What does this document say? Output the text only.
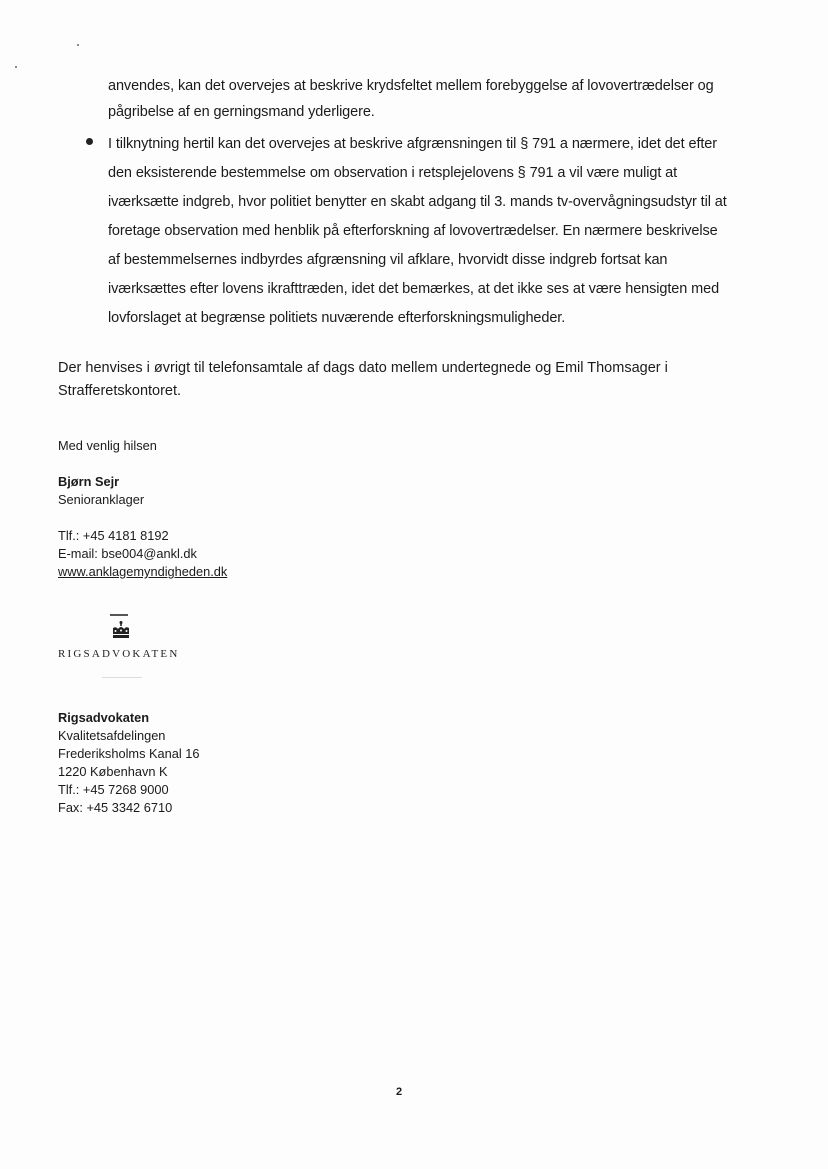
anvendes, kan det overvejes at beskrive krydsfeltet mellem forebyggelse af lovovertrædelser og
pågribelse af en gerningsmand yderligere.
I tilknytning hertil kan det overvejes at beskrive afgrænsningen til § 791 a nærmere, idet det efter
den eksisterende bestemmelse om observation i retsplejelovens § 791 a vil være muligt at
iværksætte indgreb, hvor politiet benytter en skabt adgang til 3. mands tv-overvågningsudstyr til at
foretage observation med henblik på efterforskning af lovovertrædelser. En nærmere beskrivelse
af bestemmelsernes indbyrdes afgrænsning vil afklare, hvorvidt disse indgreb fortsat kan
iværksættes efter lovens ikrafttræden, idet det bemærkes, at det ikke ses at være hensigten med
lovforslaget at begrænse politiets nuværende efterforskningsmuligheder.
Der henvises i øvrigt til telefonsamtale af dags dato mellem undertegnede og Emil Thomsager i
Strafferetskontoret.
Med venlig hilsen
Bjørn Sejr
Senioranklager
Tlf.: +45 4181 8192
E-mail: bse004@ankl.dk
www.anklagemyndigheden.dk
RIGSADVOKATEN
Rigsadvokaten
Kvalitetsafdelingen
Frederiksholms Kanal 16
1220 København K
Tlf.: +45 7268 9000
Fax: +45 3342 6710
2
